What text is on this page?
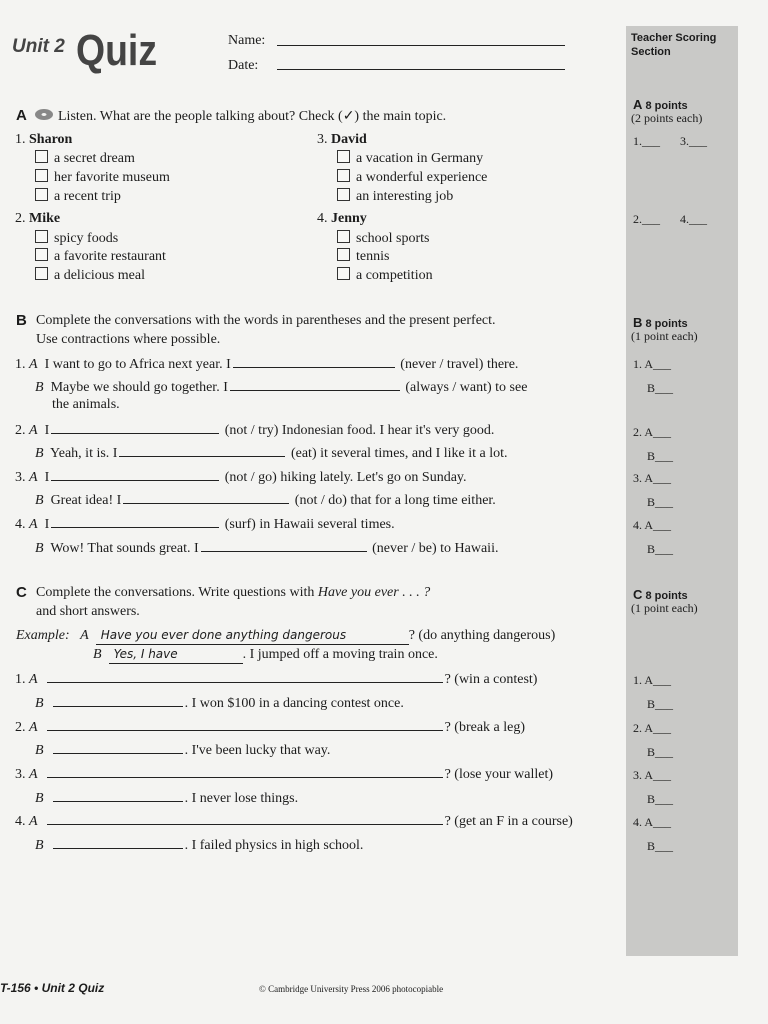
Teacher Scoring Section
A 8 points
(2 points each)
1.___ 3.___
2.___ 4.___
B 8 points
(1 point each)
1. A___
B___
2. A___
B___
3. A___
B___
4. A___
B___
C 8 points
(1 point each)
1. A___
B___
2. A___
B___
3. A___
B___
4. A___
B___
Unit 2 Quiz	Name:
Date:
A Listen. What are the people talking about? Check (✓) the main topic.
1. Sharon
a secret dream
her favorite museum
a recent trip
3. David
a vacation in Germany
a wonderful experience
an interesting job
2. Mike
spicy foods
a favorite restaurant
a delicious meal
4. Jenny
school sports
tennis
a competition
B Complete the conversations with the words in parentheses and the present perfect.
Use contractions where possible.
1. A I want to go to Africa next year. I	(never / travel) there.
B Maybe we should go together. I	(always / want) to see
the animals.
2. A I	(not / try) Indonesian food. I hear it's very good.
B Yeah, it is. I	(eat) it several times, and I like it a lot.
3. A I	(not / go) hiking lately. Let's go on Sunday.
B Great idea! I	(not / do) that for a long time either.
4. A I	(surf) in Hawaii several times.
B Wow! That sounds great. I	(never / be) to Hawaii.
C Complete the conversations. Write questions with Have you ever . . . ?
and short answers.
Example: A Have you ever done anything dangerous	? (do anything dangerous)
B Yes, I have	. I jumped off a moving train once.
1. A	? (win a contest)
B	. I won $100 in a dancing contest once.
2. A	? (break a leg)
B	. I've been lucky that way.
3. A	? (lose your wallet)
B	. I never lose things.
4. A	? (get an F in a course)
B	. I failed physics in high school.
T-156 • Unit 2 Quiz	© Cambridge University Press 2006 photocopiable
